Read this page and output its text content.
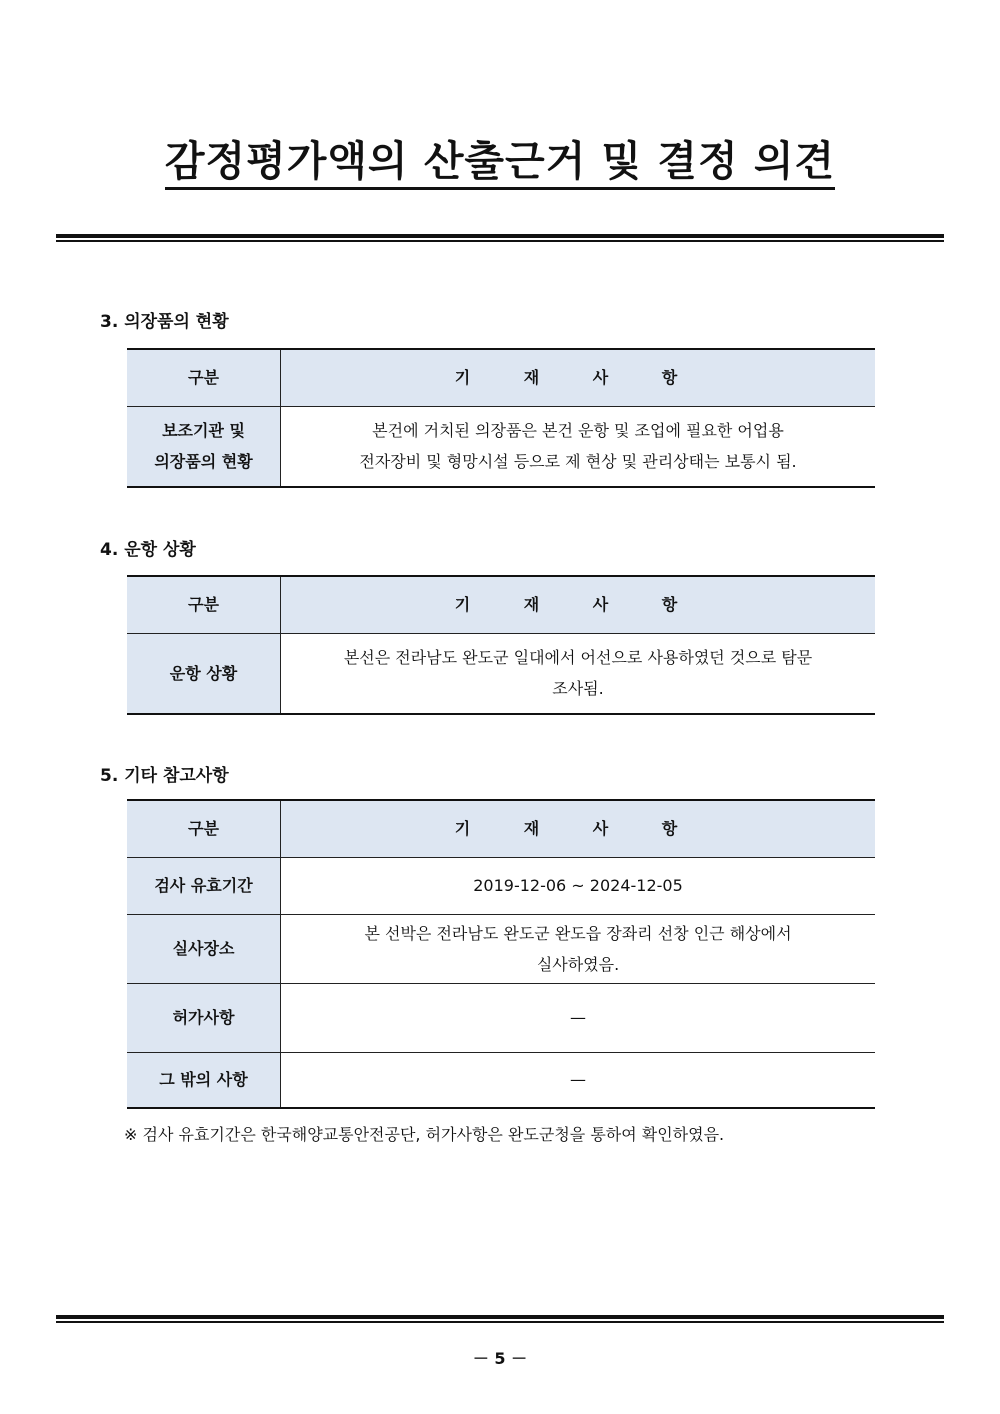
감정평가액의 산출근거 및 결정 의견
3. 의장품의 현황
구분	기 재 사 항
보조기관 및
의장품의 현황	본건에 거치된 의장품은 본건 운항 및 조업에 필요한 어업용
전자장비 및 형망시설 등으로 제 현상 및 관리상태는 보통시 됨.
4. 운항 상황
구분	기 재 사 항
운항 상황	본선은 전라남도 완도군 일대에서 어선으로 사용하였던 것으로 탐문
조사됨.
5. 기타 참고사항
구분	기 재 사 항
검사 유효기간	2019-12-06 ~ 2024-12-05
실사장소	본 선박은 전라남도 완도군 완도읍 장좌리 선창 인근 해상에서
실사하였음.
허가사항	—
그 밖의 사항	—
※ 검사 유효기간은 한국해양교통안전공단, 허가사항은 완도군청을 통하여 확인하였음.
－ 5 －
